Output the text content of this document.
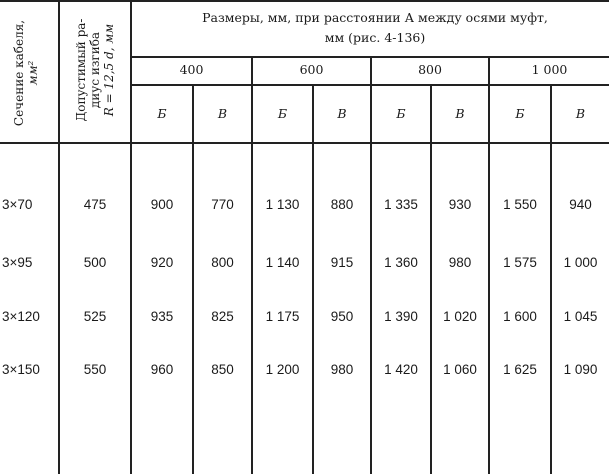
Сечение кабеля, мм²	Допустимый ра- диус изгиба R = 12,5 d, мм
Размеры, мм, при расстоянии А между осями муфт,
мм (рис. 4-136)
400	600	800	1 000
Б	В	Б	В	Б	В	Б	В
3×70	475	900	770	1 130	880	1 335	930	1 550	940
3×95	500	920	800	1 140	915	1 360	980	1 575	1 000
3×120	525	935	825	1 175	950	1 390	1 020	1 600	1 045
3×150	550	960	850	1 200	980	1 420	1 060	1 625	1 090
